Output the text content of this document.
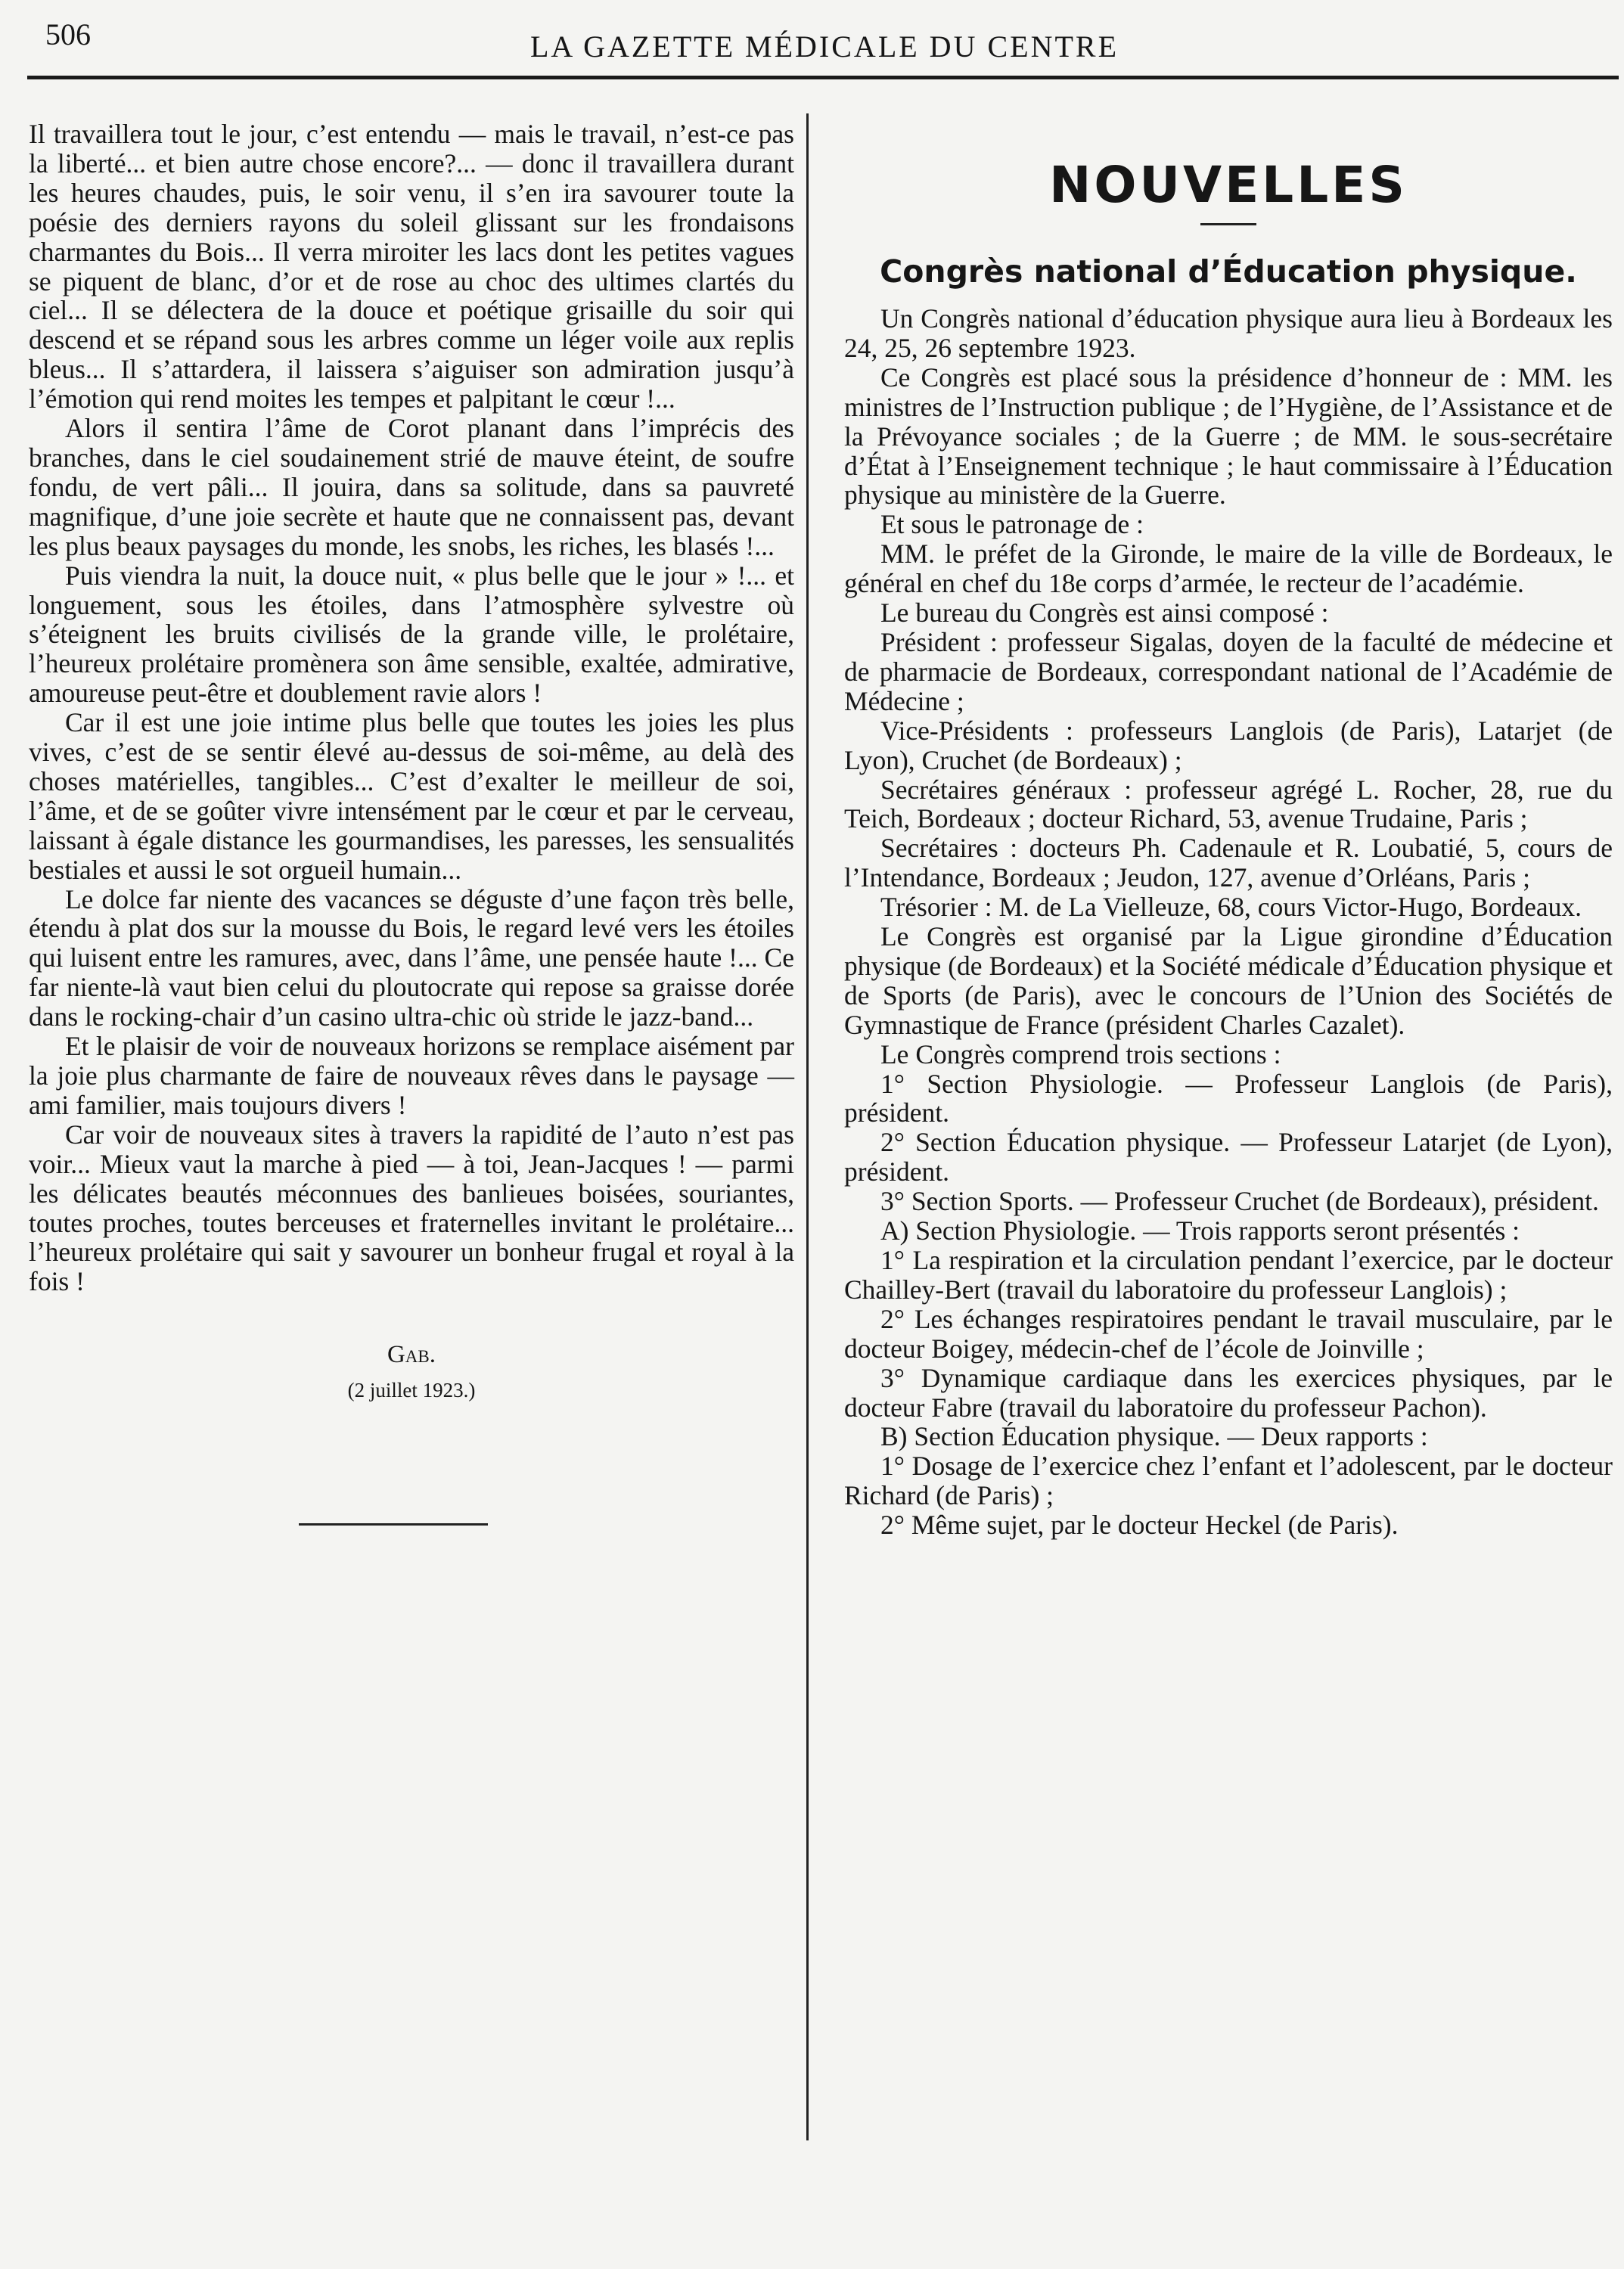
506	LA GAZETTE MÉDICALE DU CENTRE

Il travaillera tout le jour, c’est entendu — mais le travail, n’est-ce pas la liberté... et bien autre chose encore?... — donc il travaillera durant les heures chaudes, puis, le soir venu, il s’en ira savourer toute la poésie des derniers rayons du soleil glissant sur les frondaisons charmantes du Bois... Il verra miroiter les lacs dont les petites vagues se piquent de blanc, d’or et de rose au choc des ultimes clartés du ciel... Il se délectera de la douce et poétique grisaille du soir qui descend et se répand sous les arbres comme un léger voile aux replis bleus... Il s’attardera, il laissera s’aiguiser son admiration jusqu’à l’émotion qui rend moites les tempes et palpitant le cœur !...

Alors il sentira l’âme de Corot planant dans l’imprécis des branches, dans le ciel soudainement strié de mauve éteint, de soufre fondu, de vert pâli... Il jouira, dans sa solitude, dans sa pauvreté magnifique, d’une joie secrète et haute que ne connaissent pas, devant les plus beaux paysages du monde, les snobs, les riches, les blasés !...

Puis viendra la nuit, la douce nuit, « plus belle que le jour » !... et longuement, sous les étoiles, dans l’atmosphère sylvestre où s’éteignent les bruits civilisés de la grande ville, le prolétaire, l’heureux prolétaire promènera son âme sensible, exaltée, admirative, amoureuse peut-être et doublement ravie alors !

Car il est une joie intime plus belle que toutes les joies les plus vives, c’est de se sentir élevé au-dessus de soi-même, au delà des choses matérielles, tangibles... C’est d’exalter le meilleur de soi, l’âme, et de se goûter vivre intensément par le cœur et par le cerveau, laissant à égale distance les gourmandises, les paresses, les sensualités bestiales et aussi le sot orgueil humain...

Le dolce far niente des vacances se déguste d’une façon très belle, étendu à plat dos sur la mousse du Bois, le regard levé vers les étoiles qui luisent entre les ramures, avec, dans l’âme, une pensée haute !... Ce far niente-là vaut bien celui du ploutocrate qui repose sa graisse dorée dans le rocking-chair d’un casino ultra-chic où stride le jazz-band...

Et le plaisir de voir de nouveaux horizons se remplace aisément par la joie plus charmante de faire de nouveaux rêves dans le paysage — ami familier, mais toujours divers !

Car voir de nouveaux sites à travers la rapidité de l’auto n’est pas voir... Mieux vaut la marche à pied — à toi, Jean-Jacques ! — parmi les délicates beautés méconnues des banlieues boisées, souriantes, toutes proches, toutes berceuses et fraternelles invitant le prolétaire... l’heureux prolétaire qui sait y savourer un bonheur frugal et royal à la fois !

Gab.
(2 juillet 1923.)
NOUVELLES
Congrès national d’Éducation physique.

Un Congrès national d’éducation physique aura lieu à Bordeaux les 24, 25, 26 septembre 1923.

Ce Congrès est placé sous la présidence d’honneur de : MM. les ministres de l’Instruction publique ; de l’Hygiène, de l’Assistance et de la Prévoyance sociales ; de la Guerre ; de MM. le sous-secrétaire d’État à l’Enseignement technique ; le haut commissaire à l’Éducation physique au ministère de la Guerre.

Et sous le patronage de :

MM. le préfet de la Gironde, le maire de la ville de Bordeaux, le général en chef du 18e corps d’armée, le recteur de l’académie.

Le bureau du Congrès est ainsi composé :

Président : professeur Sigalas, doyen de la faculté de médecine et de pharmacie de Bordeaux, correspondant national de l’Académie de Médecine ;

Vice-Présidents : professeurs Langlois (de Paris), Latarjet (de Lyon), Cruchet (de Bordeaux) ;

Secrétaires généraux : professeur agrégé L. Rocher, 28, rue du Teich, Bordeaux ; docteur Richard, 53, avenue Trudaine, Paris ;

Secrétaires : docteurs Ph. Cadenaule et R. Loubatié, 5, cours de l’Intendance, Bordeaux ; Jeudon, 127, avenue d’Orléans, Paris ;

Trésorier : M. de La Vielleuze, 68, cours Victor-Hugo, Bordeaux.

Le Congrès est organisé par la Ligue girondine d’Éducation physique (de Bordeaux) et la Société médicale d’Éducation physique et de Sports (de Paris), avec le concours de l’Union des Sociétés de Gymnastique de France (président Charles Cazalet).

Le Congrès comprend trois sections :

1° Section Physiologie. — Professeur Langlois (de Paris), président.

2° Section Éducation physique. — Professeur Latarjet (de Lyon), président.

3° Section Sports. — Professeur Cruchet (de Bordeaux), président.

A) Section Physiologie. — Trois rapports seront présentés :

1° La respiration et la circulation pendant l’exercice, par le docteur Chailley-Bert (travail du laboratoire du professeur Langlois) ;

2° Les échanges respiratoires pendant le travail musculaire, par le docteur Boigey, médecin-chef de l’école de Joinville ;

3° Dynamique cardiaque dans les exercices physiques, par le docteur Fabre (travail du laboratoire du professeur Pachon).

B) Section Éducation physique. — Deux rapports :

1° Dosage de l’exercice chez l’enfant et l’adolescent, par le docteur Richard (de Paris) ;

2° Même sujet, par le docteur Heckel (de Paris).
